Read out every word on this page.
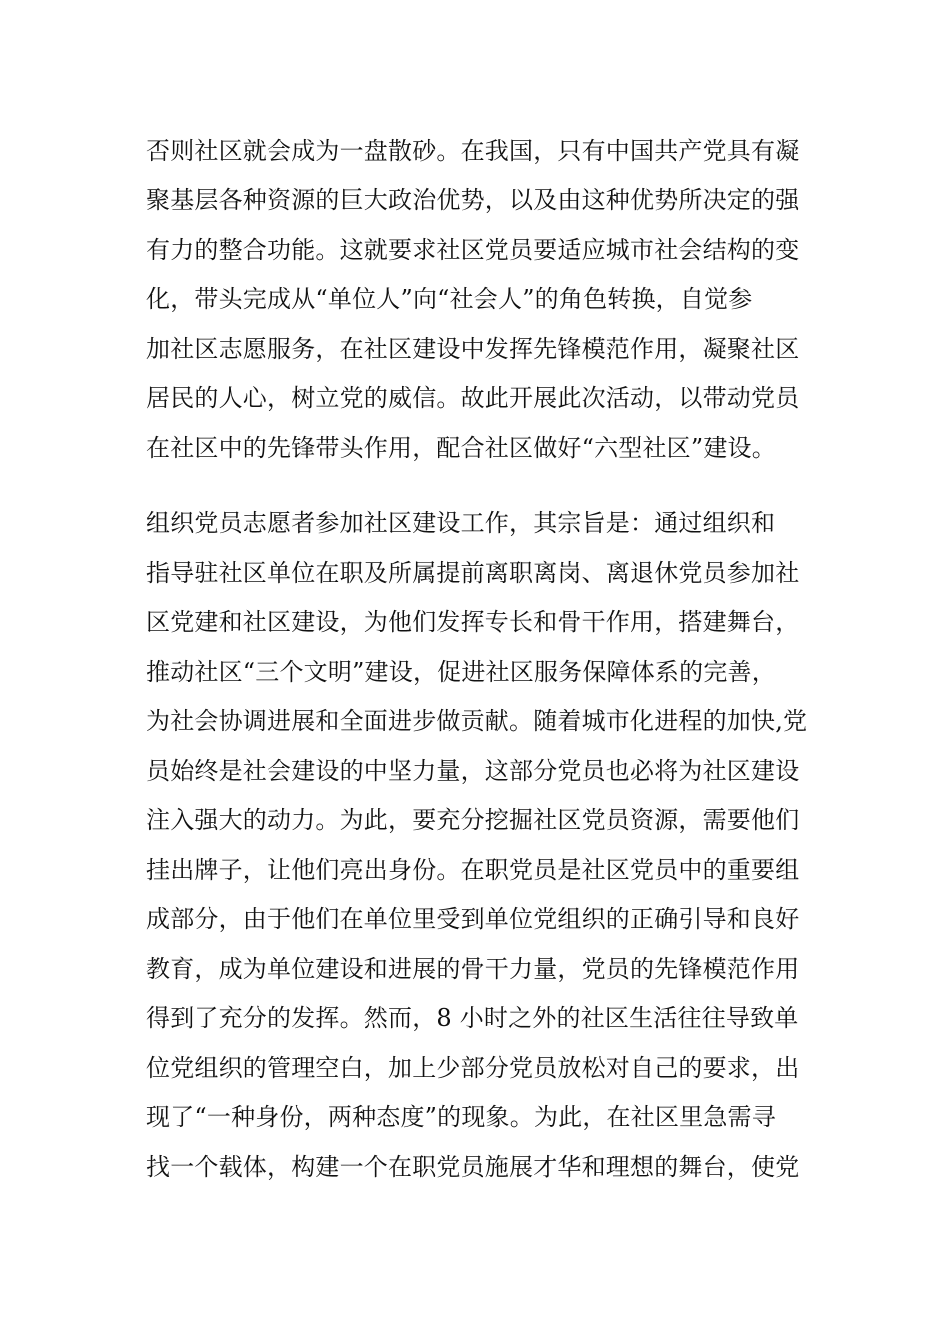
否则社区就会成为一盘散砂。在我国，只有中国共产党具有凝
聚基层各种资源的巨大政治优势，以及由这种优势所决定的强
有力的整合功能。这就要求社区党员要适应城市社会结构的变
化，带头完成从“单位人”向“社会人”的角色转换，自觉参
加社区志愿服务，在社区建设中发挥先锋模范作用，凝聚社区
居民的人心，树立党的威信。故此开展此次活动，以带动党员
在社区中的先锋带头作用，配合社区做好“六型社区”建设。
组织党员志愿者参加社区建设工作，其宗旨是：通过组织和
指导驻社区单位在职及所属提前离职离岗、离退休党员参加社
区党建和社区建设，为他们发挥专长和骨干作用，搭建舞台，
推动社区“三个文明”建设，促进社区服务保障体系的完善，
为社会协调进展和全面进步做贡献。随着城市化进程的加快,党
员始终是社会建设的中坚力量，这部分党员也必将为社区建设
注入强大的动力。为此，要充分挖掘社区党员资源，需要他们
挂出牌子，让他们亮出身份。在职党员是社区党员中的重要组
成部分，由于他们在单位里受到单位党组织的正确引导和良好
教育，成为单位建设和进展的骨干力量，党员的先锋模范作用
得到了充分的发挥。然而，8 小时之外的社区生活往往导致单
位党组织的管理空白，加上少部分党员放松对自己的要求，出
现了“一种身份，两种态度”的现象。为此，在社区里急需寻
找一个载体，构建一个在职党员施展才华和理想的舞台，使党
